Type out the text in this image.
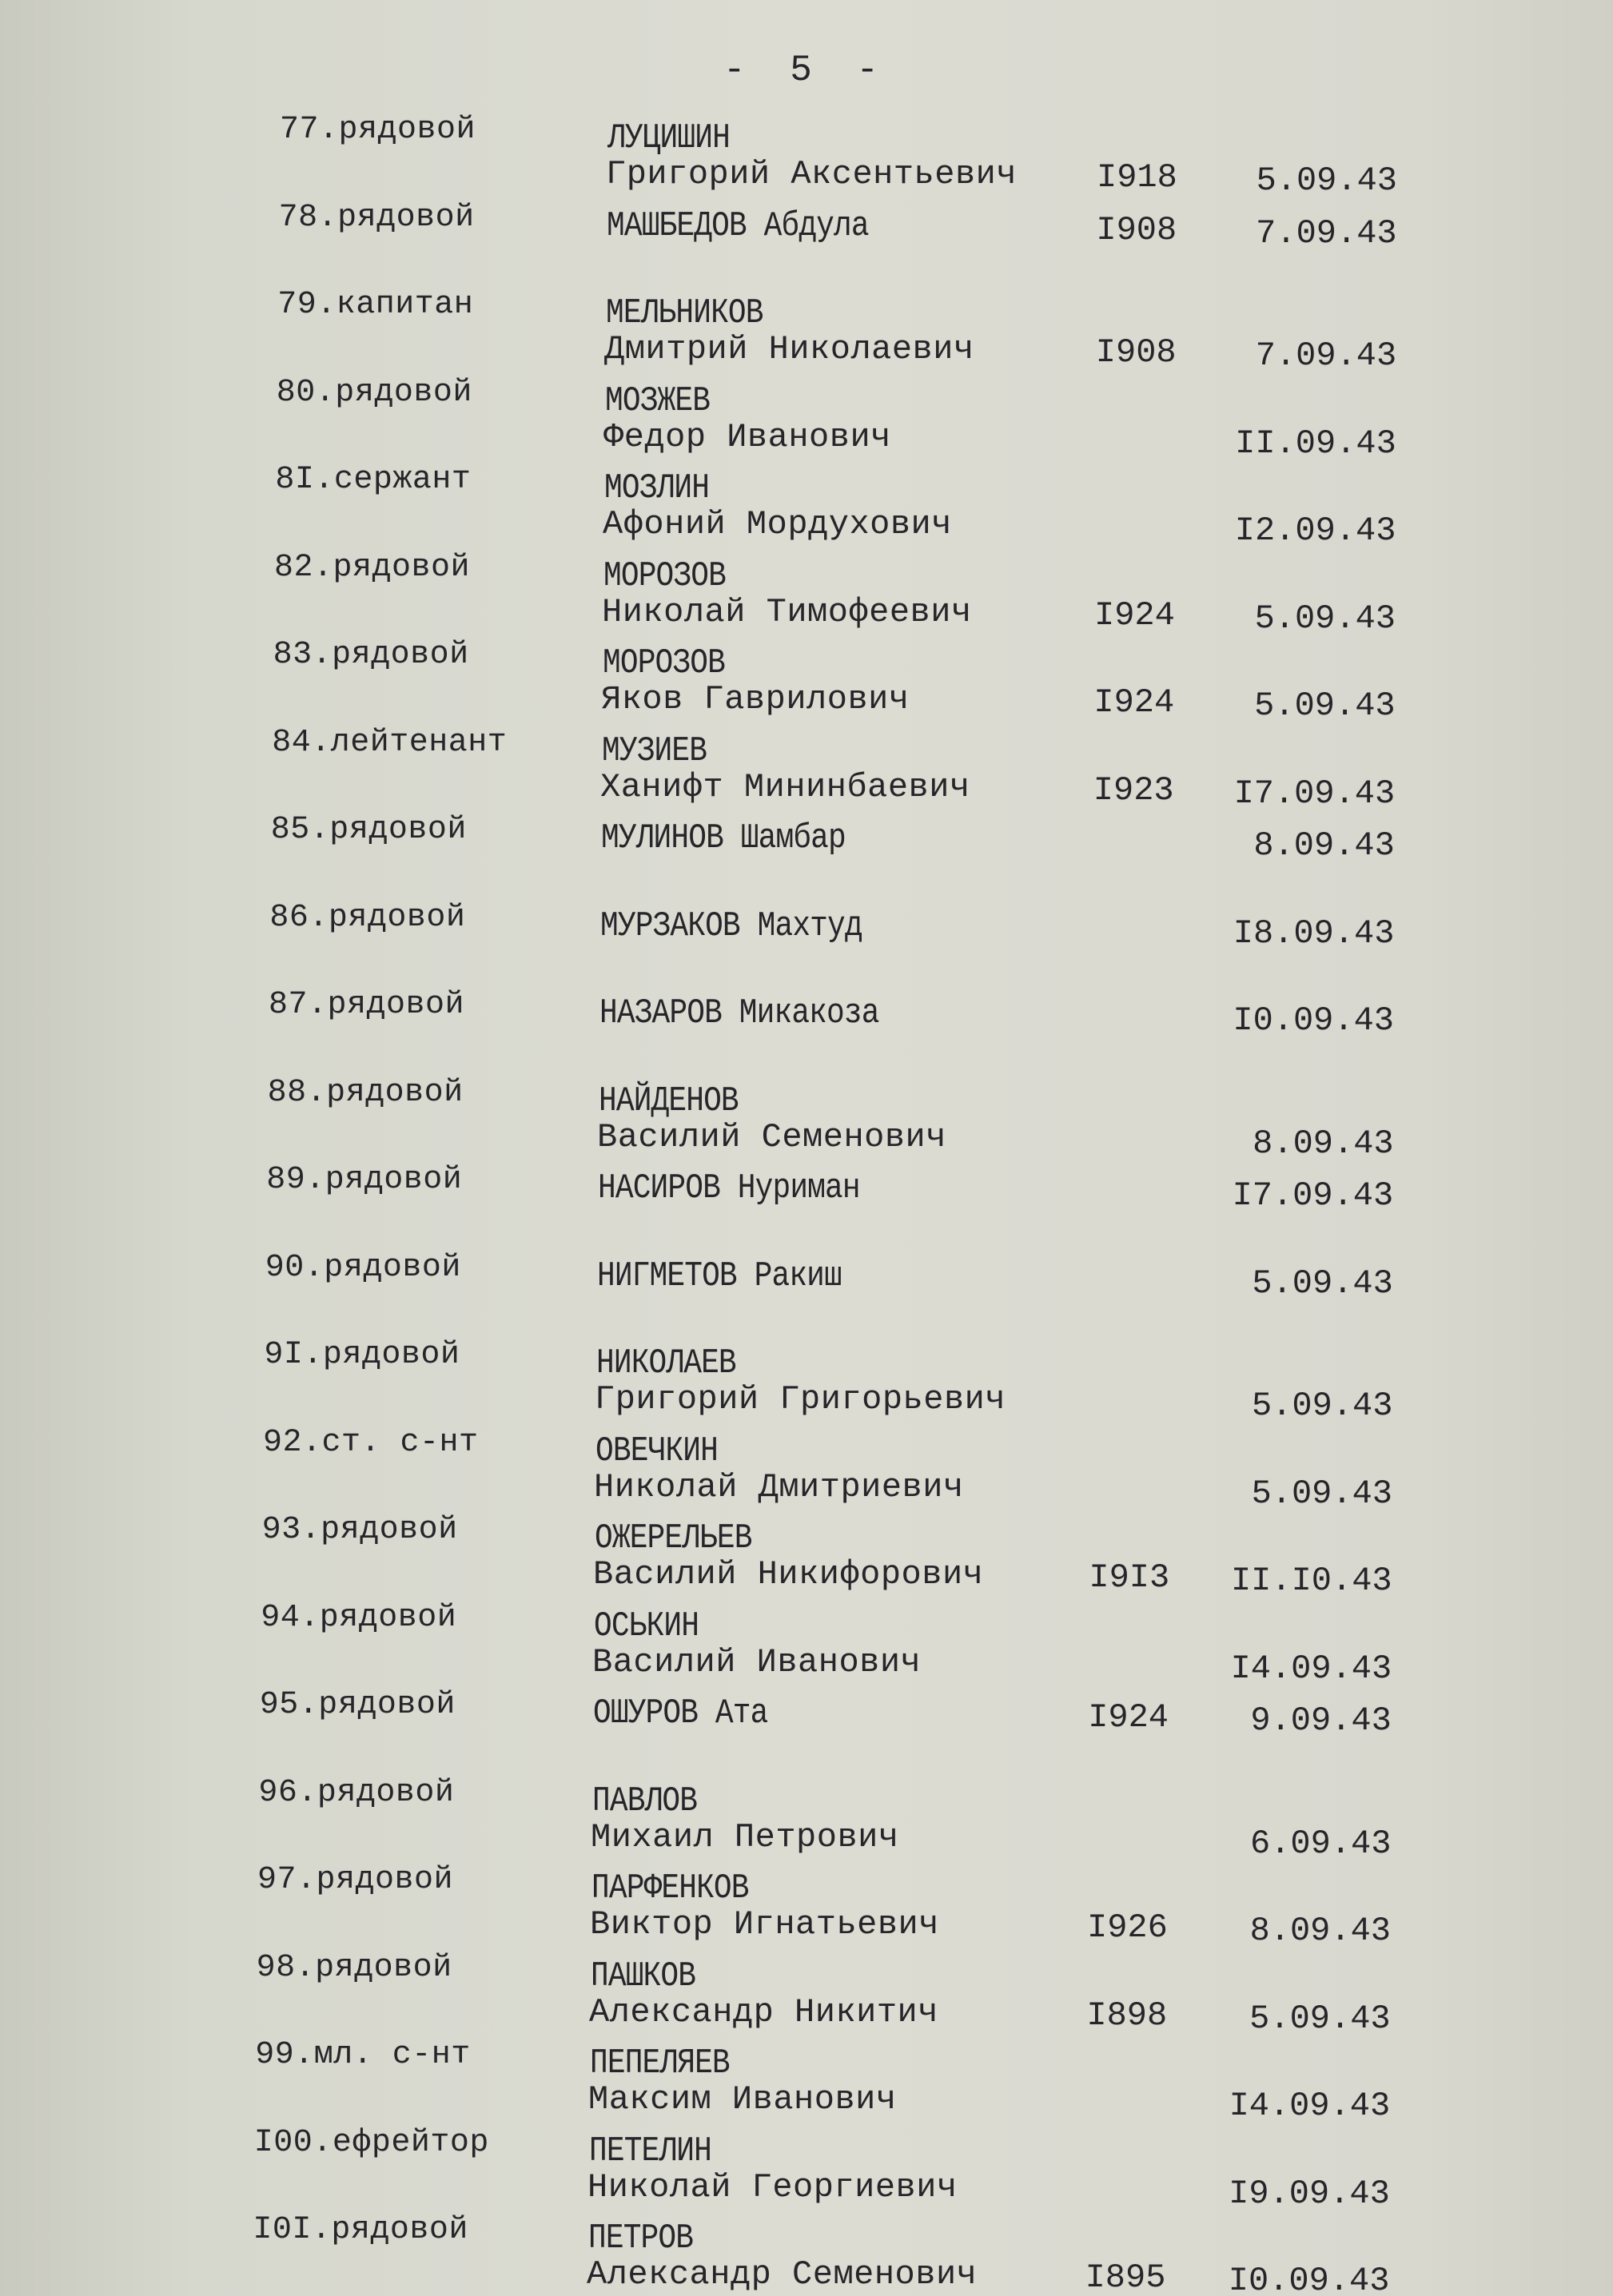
- 5 -
77.рядовой	ЛУЦИШИН
Григорий Аксентьевич I918 5.09.43
78.рядовой	МАШБЕДОВ Абдула	I908 7.09.43
79.капитан	МЕЛЬНИКОВ
Дмитрий Николаевич	I908 7.09.43
80.рядовой	МОЗЖЕВ
Федор Иванович	II.09.43
8I.сержант	МОЗЛИН
Афоний Мордухович	I2.09.43
82.рядовой	МОРОЗОВ
Николай Тимофеевич	I924 5.09.43
83.рядовой	МОРОЗОВ
Яков Гаврилович	I924 5.09.43
84.лейтенант	МУЗИЕВ
Ханифт Мининбаевич	I923 I7.09.43
85.рядовой	МУЛИНОВ Шамбар	8.09.43
86.рядовой	МУРЗАКОВ Махтуд	I8.09.43
87.рядовой	НАЗАРОВ Микакоза	I0.09.43
88.рядовой	НАЙДЕНОВ
Василий Семенович	8.09.43
89.рядовой	НАСИРОВ Нуриман	I7.09.43
90.рядовой	НИГМЕТОВ Ракиш	5.09.43
9I.рядовой	НИКОЛАЕВ
Григорий Григорьевич	5.09.43
92.ст. с-нт	ОВЕЧКИН
Николай Дмитриевич	5.09.43
93.рядовой	ОЖЕРЕЛЬЕВ
Василий Никифорович	I9I3 II.I0.43
94.рядовой	ОСЬКИН
Василий Иванович	I4.09.43
95.рядовой	ОШУРОВ Ата	I924 9.09.43
96.рядовой	ПАВЛОВ
Михаил Петрович	6.09.43
97.рядовой	ПАРФЕНКОВ
Виктор Игнатьевич	I926 8.09.43
98.рядовой	ПАШКОВ
Александр Никитич	I898 5.09.43
99.мл. с-нт	ПЕПЕЛЯЕВ
Максим Иванович	I4.09.43
I00.ефрейтор	ПЕТЕЛИН
Николай Георгиевич	I9.09.43
I0I.рядовой	ПЕТРОВ
Александр Семенович	I895 I0.09.43
